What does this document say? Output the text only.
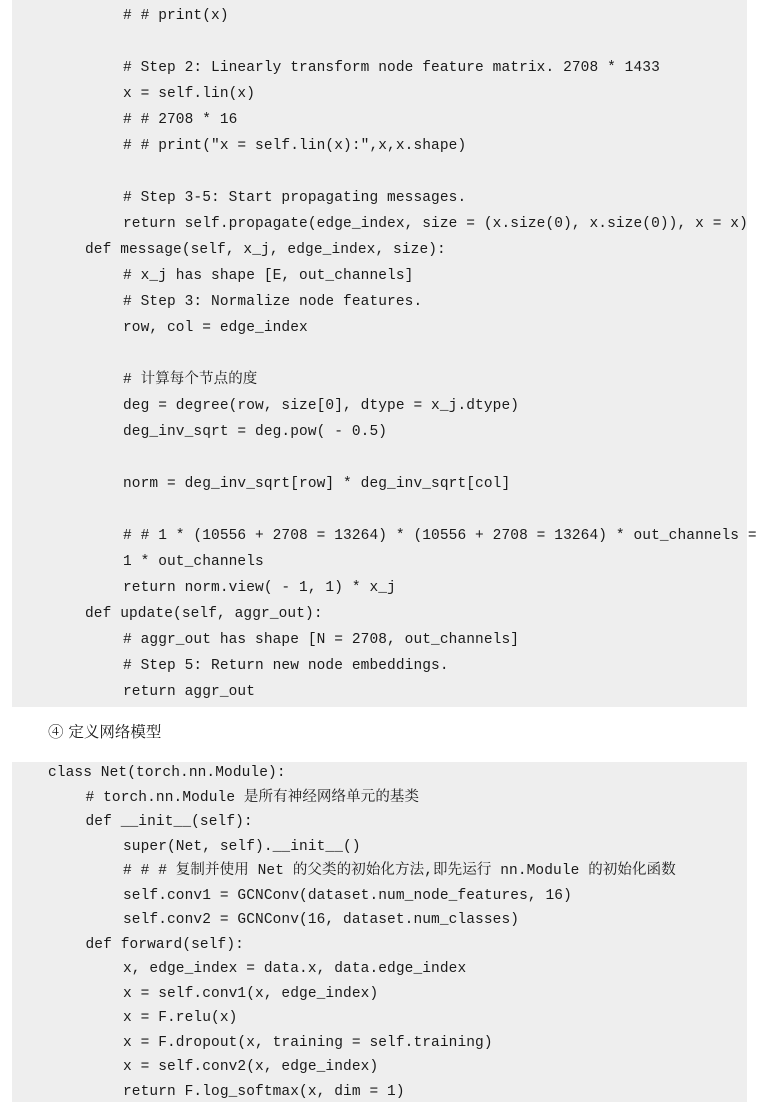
# # print(x)
# Step 2: Linearly transform node feature matrix. 2708 * 1433
x = self.lin(x)
# # 2708 * 16
# # print("x = self.lin(x):",x,x.shape)
# Step 3-5: Start propagating messages.
return self.propagate(edge_index, size = (x.size(0), x.size(0)), x = x)
def message(self, x_j, edge_index, size):
# x_j has shape [E, out_channels]
# Step 3: Normalize node features.
row, col = edge_index
# 计算每个节点的度
deg = degree(row, size[0], dtype = x_j.dtype)
deg_inv_sqrt = deg.pow( - 0.5)
norm = deg_inv_sqrt[row] * deg_inv_sqrt[col]
# # 1 * (10556 + 2708 = 13264) * (10556 + 2708 = 13264) * out_channels =
1 * out_channels
return norm.view( - 1, 1) * x_j
def update(self, aggr_out):
# aggr_out has shape [N = 2708, out_channels]
# Step 5: Return new node embeddings.
return aggr_out
④ 定义网络模型
class Net(torch.nn.Module):
# torch.nn.Module 是所有神经网络单元的基类
def __init__(self):
super(Net, self).__init__()
# # # 复制并使用 Net 的父类的初始化方法,即先运行 nn.Module 的初始化函数
self.conv1 = GCNConv(dataset.num_node_features, 16)
self.conv2 = GCNConv(16, dataset.num_classes)
def forward(self):
x, edge_index = data.x, data.edge_index
x = self.conv1(x, edge_index)
x = F.relu(x)
x = F.dropout(x, training = self.training)
x = self.conv2(x, edge_index)
return F.log_softmax(x, dim = 1)
